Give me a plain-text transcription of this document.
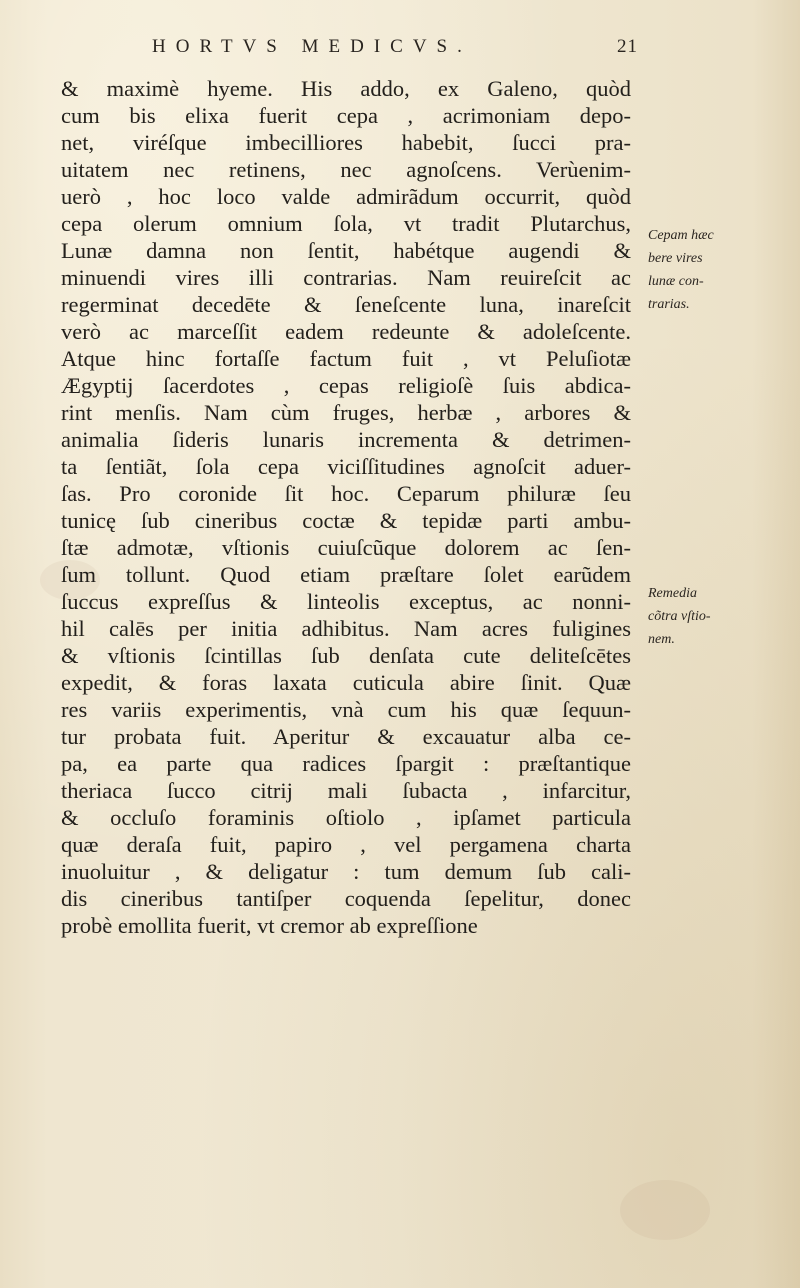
HORTVS MEDICVS.	21
& maximè hyeme. His addo, ex Galeno, quòd
cum bis elixa fuerit cepa , acrimoniam depo-
net, viréſque imbecilliores habebit, ſucci pra-
uitatem nec retinens, nec agnoſcens. Verùenim-
uerò , hoc loco valde admirãdum occurrit, quòd
cepa olerum omnium ſola, vt tradit Plutarchus,
Lunæ damna non ſentit, habétque augendi &
minuendi vires illi contrarias. Nam reuireſcit ac
regerminat decedēte & ſeneſcente luna, inareſcit
verò ac marceſſit eadem redeunte & adoleſcente.
Atque hinc fortaſſe factum fuit , vt Peluſiotæ
Ægyptij ſacerdotes , cepas religioſè ſuis abdica-
rint menſis. Nam cùm fruges, herbæ , arbores &
animalia ſideris lunaris incrementa & detrimen-
ta ſentiãt, ſola cepa viciſſitudines agnoſcit aduer-
ſas. Pro coronide ſit hoc. Ceparum philuræ ſeu
tunicę ſub cineribus coctæ & tepidæ parti ambu-
ſtæ admotæ, vſtionis cuiuſcũque dolorem ac ſen-
ſum tollunt. Quod etiam præſtare ſolet earũdem
ſuccus expreſſus & linteolis exceptus, ac nonni-
hil calēs per initia adhibitus. Nam acres fuligines
& vſtionis ſcintillas ſub denſata cute deliteſcētes
expedit, & foras laxata cuticula abire ſinit. Quæ
res variis experimentis, vnà cum his quæ ſequun-
tur probata fuit. Aperitur & excauatur alba ce-
pa, ea parte qua radices ſpargit : præſtantique
theriaca ſucco citrij mali ſubacta , infarcitur,
& occluſo foraminis oſtiolo , ipſamet particula
quæ deraſa fuit, papiro , vel pergamena charta
inuoluitur , & deligatur : tum demum ſub cali-
dis cineribus tantiſper coquenda ſepelitur, donec
probè emollita fuerit, vt cremor ab expreſſione
Cepam hæc
bere vires
lunæ con-
trarias.
Remedia
cõtra vſtio-
nem.
